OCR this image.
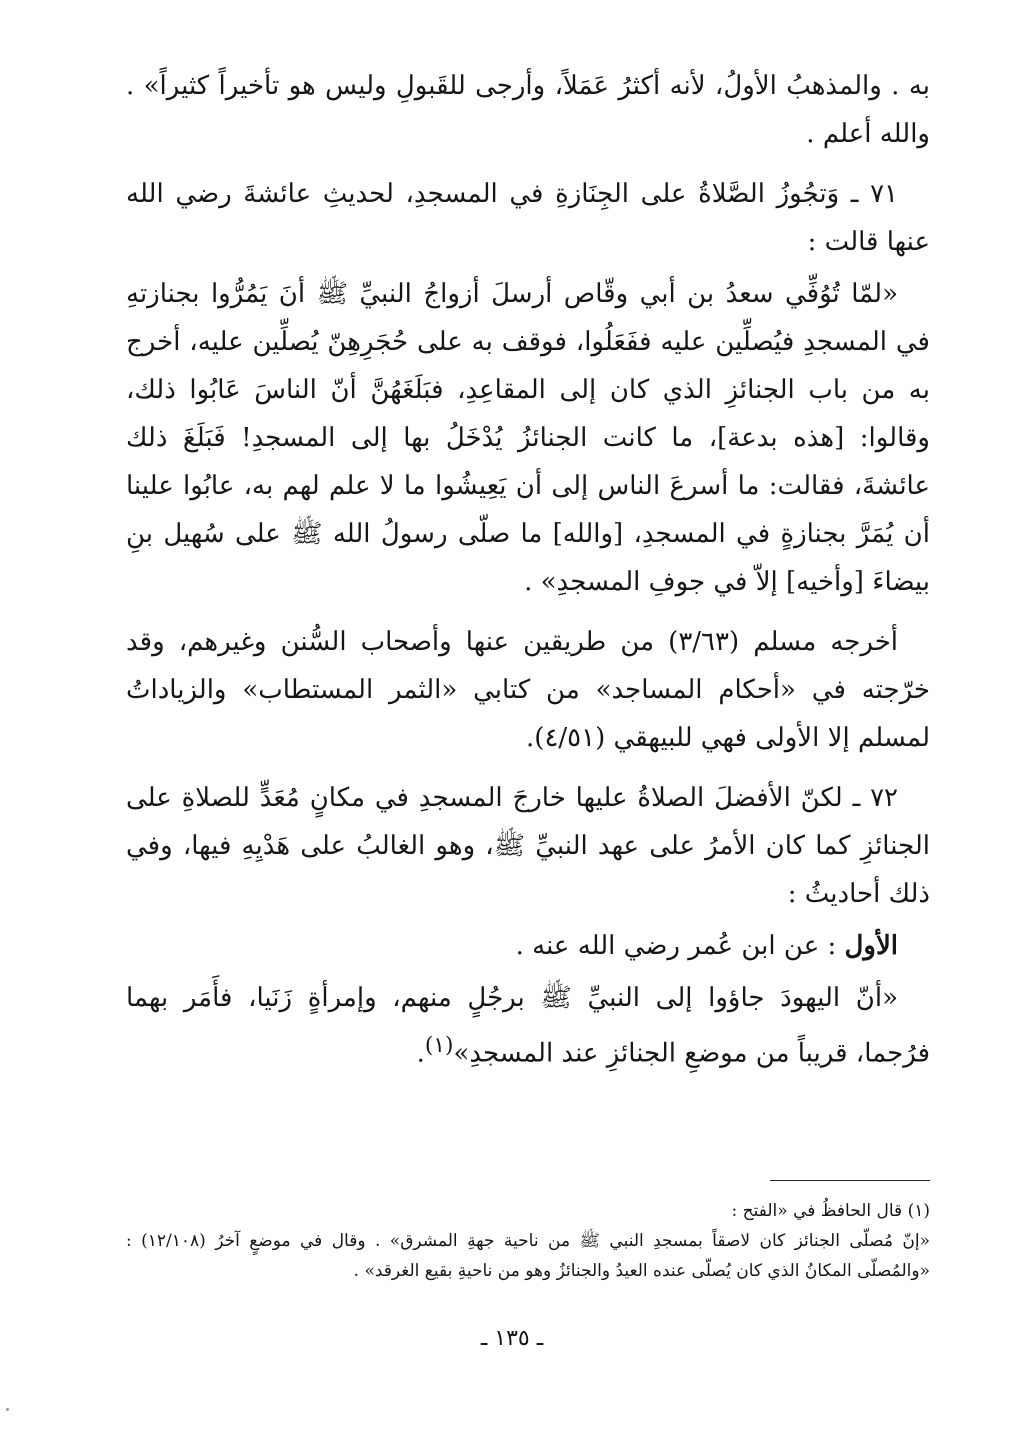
به . والمذهبُ الأولُ، لأنه أكثرُ عَمَلاً، وأرجى للقَبولِ وليس هو تأخيراً كثيراً» . والله أعلم .

٧١ ـ وَتجُوزُ الصَّلاةُ على الجِنَازةِ في المسجدِ، لحديثِ عائشةَ رضي الله عنها قالت :

«لمّا تُوُفِّي سعدُ بن أبي وقّاص أرسلَ أزواجُ النبيِّ ﷺ أنَ يَمُرُّوا بجنازتهِ في المسجدِ فيُصلِّين عليه ففَعَلُوا، فوقف به على حُجَرِهِنّ يُصلِّين عليه، أخرج به من باب الجنائزِ الذي كان إلى المقاعِدِ، فبَلَغَهُنَّ أنّ الناسَ عَابُوا ذلك، وقالوا: [هذه بدعة]، ما كانت الجنائزُ يُدْخَلُ بها إلى المسجدِ! فَبَلَغَ ذلك عائشةَ، فقالت: ما أسرعَ الناس إلى أن يَعِيشُوا ما لا علم لهم به، عابُوا علينا أن يُمَرَّ بجنازةٍ في المسجدِ، [والله] ما صلّى رسولُ الله ﷺ على سُهيل بنِ بيضاءَ [وأخيه] إلاّ في جوفِ المسجدِ» .

أخرجه مسلم (٣/٦٣) من طريقين عنها وأصحاب السُّنن وغيرهم، وقد خرّجته في «أحكام المساجد» من كتابي «الثمر المستطاب» والزياداتُ لمسلم إلا الأولى فهي للبيهقي (٤/٥١).

٧٢ ـ لكنّ الأفضلَ الصلاةُ عليها خارجَ المسجدِ في مكانٍ مُعَدٍّ للصلاةِ على الجنائزِ كما كان الأمرُ على عهد النبيِّ ﷺ، وهو الغالبُ على هَدْيِهِ فيها، وفي ذلك أحاديثُ :

الأول : عن ابن عُمر رضي الله عنه .

«أنّ اليهودَ جاؤوا إلى النبيِّ ﷺ برجُلٍ منهم، وإمرأةٍ زَنَيا، فأَمَر بهما فرُجما، قريباً من موضعِ الجنائزِ عند المسجدِ»$^{(١)}$.

(١) قال الحافظُ في «الفتح :

«إنّ مُصلّى الجنائز كان لاصقاً بمسجدِ النبي ﷺ من ناحية جهةِ المشرق» . وقال في موضعٍ آخرُ (١٢/١٠٨) : «والمُصلّى المكانُ الذي كان يُصلّى عنده العيدُ والجنائزُ وهو من ناحيةِ بقيع الغرقد» .

ـ ١٣٥ ـ
